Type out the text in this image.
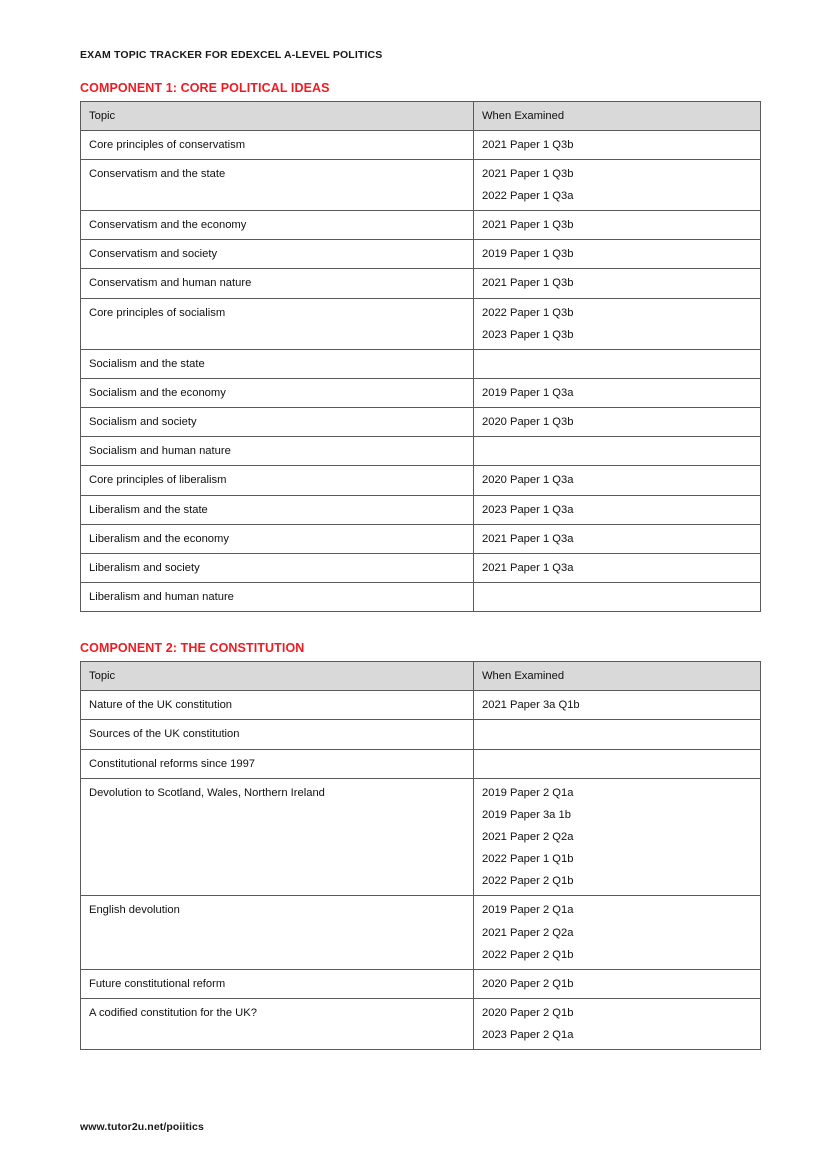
EXAM TOPIC TRACKER FOR EDEXCEL A-LEVEL POLITICS
COMPONENT 1: CORE POLITICAL IDEAS
Topic	When Examined
Core principles of conservatism	2021 Paper 1 Q3b

Conservatism and the state	2021 Paper 1 Q3b
2022 Paper 1 Q3a

Conservatism and the economy	2021 Paper 1 Q3b

Conservatism and society	2019 Paper 1 Q3b

Conservatism and human nature	2021 Paper 1 Q3b

Core principles of socialism	2022 Paper 1 Q3b
2023 Paper 1 Q3b

Socialism and the state	

Socialism and the economy	2019 Paper 1 Q3a

Socialism and society	2020 Paper 1 Q3b

Socialism and human nature	

Core principles of liberalism	2020 Paper 1 Q3a

Liberalism and the state	2023 Paper 1 Q3a

Liberalism and the economy	2021 Paper 1 Q3a

Liberalism and society	2021 Paper 1 Q3a

Liberalism and human nature	

COMPONENT 2: THE CONSTITUTION
Topic	When Examined
Nature of the UK constitution	2021 Paper 3a Q1b

Sources of the UK constitution	

Constitutional reforms since 1997	

Devolution to Scotland, Wales, Northern Ireland	2019 Paper 2 Q1a
2019 Paper 3a 1b
2021 Paper 2 Q2a
2022 Paper 1 Q1b
2022 Paper 2 Q1b

English devolution	2019 Paper 2 Q1a
2021 Paper 2 Q2a
2022 Paper 2 Q1b

Future constitutional reform	2020 Paper 2 Q1b

A codified constitution for the UK?	2020 Paper 2 Q1b
2023 Paper 2 Q1a
www.tutor2u.net/poiitics
